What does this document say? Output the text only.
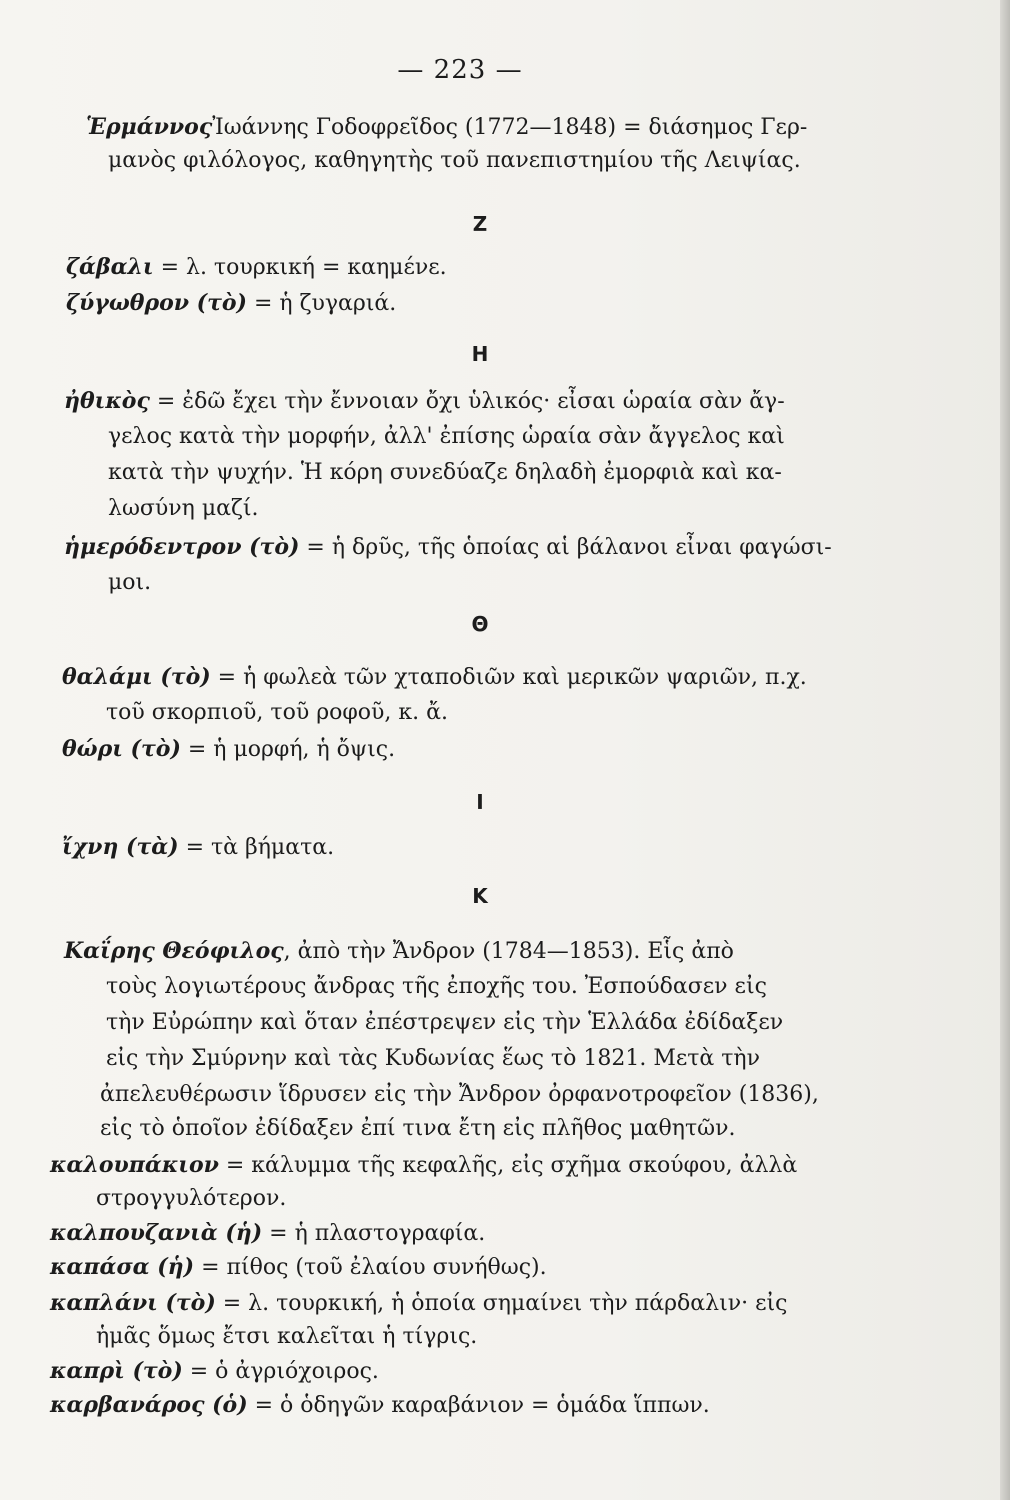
— 223 —
ἙρμάννοςἸωάννης Γοδοφρεῖδος (1772—1848) = διάσημος Γερ-
μανὸς φιλόλογος, καθηγητὴς τοῦ πανεπιστημίου τῆς Λειψίας.
Ζ
ζάβαλι = λ. τουρκική = καημένε.
ζύγωθρον (τὸ) = ἡ ζυγαριά.
Η
ἠθικὸς = ἐδῶ ἔχει τὴν ἔννοιαν ὄχι ὑλικός· εἶσαι ὡραία σὰν ἄγ-
γελος κατὰ τὴν μορφήν, ἀλλ' ἐπίσης ὡραία σὰν ἄγγελος καὶ
κατὰ τὴν ψυχήν. Ἡ κόρη συνεδύαζε δηλαδὴ ἐμορφιὰ καὶ κα-
λωσύνη μαζί.
ἡμερόδεντρον (τὸ) = ἡ δρῦς, τῆς ὁποίας αἱ βάλανοι εἶναι φαγώσι-
μοι.
Θ
θαλάμι (τὸ) = ἡ φωλεὰ τῶν χταποδιῶν καὶ μερικῶν ψαριῶν, π.χ.
τοῦ σκορπιοῦ, τοῦ ροφοῦ, κ. ἄ.
θώρι (τὸ) = ἡ μορφή, ἡ ὄψις.
Ι
ἴχνη (τὰ) = τὰ βήματα.
Κ
Καΐρης Θεόφιλος, ἀπὸ τὴν Ἄνδρον (1784—1853). Εἷς ἀπὸ
τοὺς λογιωτέρους ἄνδρας τῆς ἐποχῆς του. Ἐσπούδασεν εἰς
τὴν Εὐρώπην καὶ ὅταν ἐπέστρεψεν εἰς τὴν Ἑλλάδα ἐδίδαξεν
εἰς τὴν Σμύρνην καὶ τὰς Κυδωνίας ἕως τὸ 1821. Μετὰ τὴν
ἀπελευθέρωσιν ἵδρυσεν εἰς τὴν Ἄνδρον ὀρφανοτροφεῖον (1836),
εἰς τὸ ὁποῖον ἐδίδαξεν ἐπί τινα ἔτη εἰς πλῆθος μαθητῶν.
καλουπάκιον = κάλυμμα τῆς κεφαλῆς, εἰς σχῆμα σκούφου, ἀλλὰ
στρογγυλότερον.
καλπουζανιὰ (ἡ) = ἡ πλαστογραφία.
καπάσα (ἡ) = πίθος (τοῦ ἐλαίου συνήθως).
καπλάνι (τὸ) = λ. τουρκική, ἡ ὁποία σημαίνει τὴν πάρδαλιν· εἰς
ἡμᾶς ὅμως ἔτσι καλεῖται ἡ τίγρις.
καπρὶ (τὸ) = ὁ ἀγριόχοιρος.
καρβανάρος (ὁ) = ὁ ὁδηγῶν καραβάνιον = ὁμάδα ἵππων.
